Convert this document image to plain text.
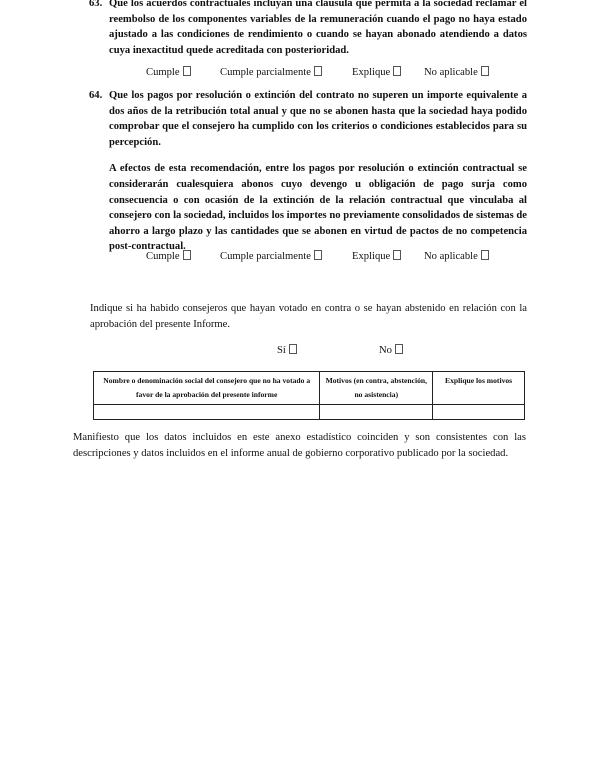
63. Que los acuerdos contractuales incluyan una cláusula que permita a la sociedad reclamar el reembolso de los componentes variables de la remuneración cuando el pago no haya estado ajustado a las condiciones de rendimiento o cuando se hayan abonado atendiendo a datos cuya inexactitud quede acreditada con posterioridad.
Cumple	Cumple parcialmente	Explique	No aplicable
64. Que los pagos por resolución o extinción del contrato no superen un importe equivalente a dos años de la retribución total anual y que no se abonen hasta que la sociedad haya podido comprobar que el consejero ha cumplido con los criterios o condiciones establecidos para su percepción.
A efectos de esta recomendación, entre los pagos por resolución o extinción contractual se considerarán cualesquiera abonos cuyo devengo u obligación de pago surja como consecuencia o con ocasión de la extinción de la relación contractual que vinculaba al consejero con la sociedad, incluidos los importes no previamente consolidados de sistemas de ahorro a largo plazo y las cantidades que se abonen en virtud de pactos de no competencia post-contractual.
Cumple	Cumple parcialmente	Explique	No aplicable
Indique si ha habido consejeros que hayan votado en contra o se hayan abstenido en relación con la aprobación del presente Informe.
Sí	No
Nombre o denominación social del consejero que no ha votado a favor de la aprobación del presente informe	Motivos (en contra, abstención, no asistencia)	Explique los motivos

Manifiesto que los datos incluidos en este anexo estadístico coinciden y son consistentes con las descripciones y datos incluidos en el informe anual de gobierno corporativo publicado por la sociedad.
